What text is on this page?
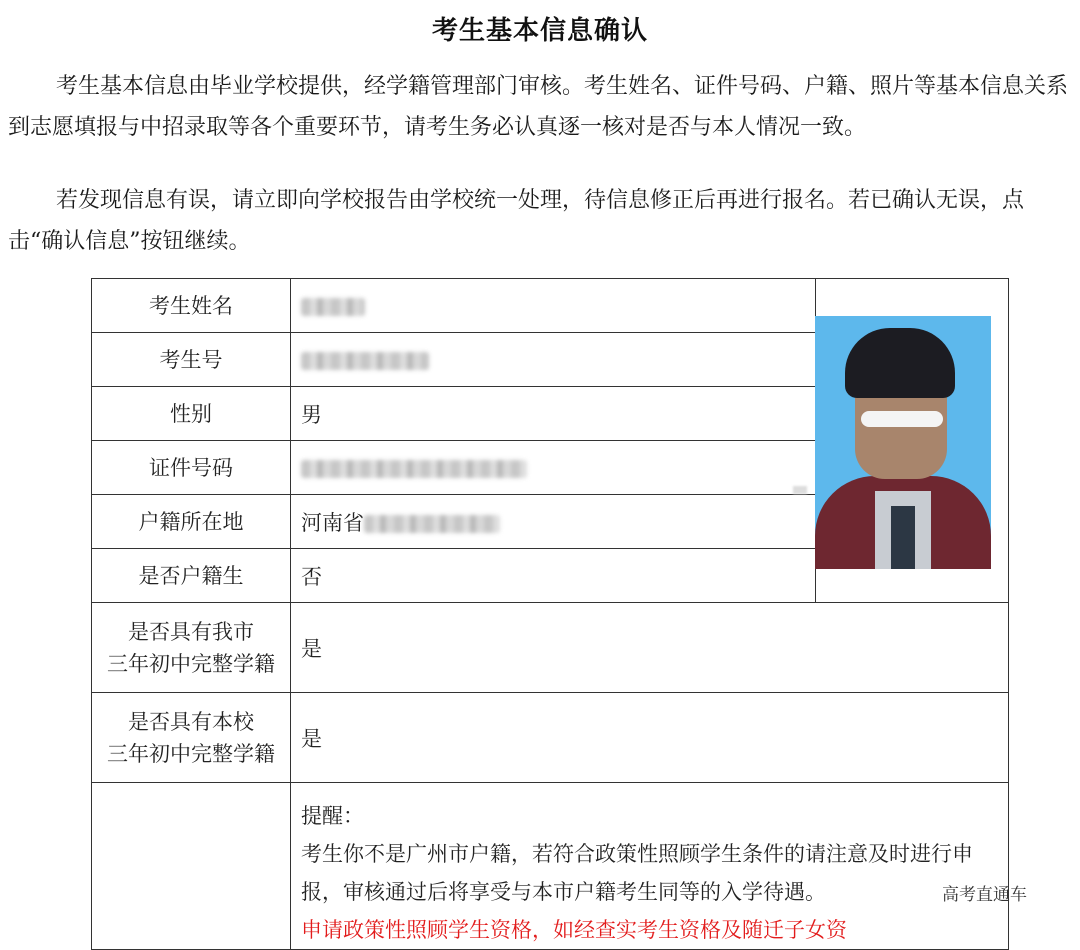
考生基本信息确认
考生基本信息由毕业学校提供，经学籍管理部门审核。考生姓名、证件号码、户籍、照片等基本信息关系到志愿填报与中招录取等各个重要环节，请考生务必认真逐一核对是否与本人情况一致。
若发现信息有误，请立即向学校报告由学校统一处理，待信息修正后再进行报名。若已确认无误，点击“确认信息”按钮继续。
考生姓名		
考生号		
性别	男	
证件号码		
户籍所在地	河南省	
是否户籍生	否	
是否具有我市
三年初中完整学籍	是	
是否具有本校
三年初中完整学籍	是	

	提醒：
考生你不是广州市户籍，若符合政策性照顾学生条件的请注意及时进行申报，审核通过后将享受与本市户籍考生同等的入学待遇。
申请政策性照顾学生资格，如经查实考生资格及随迁子女资	
高考直通车
